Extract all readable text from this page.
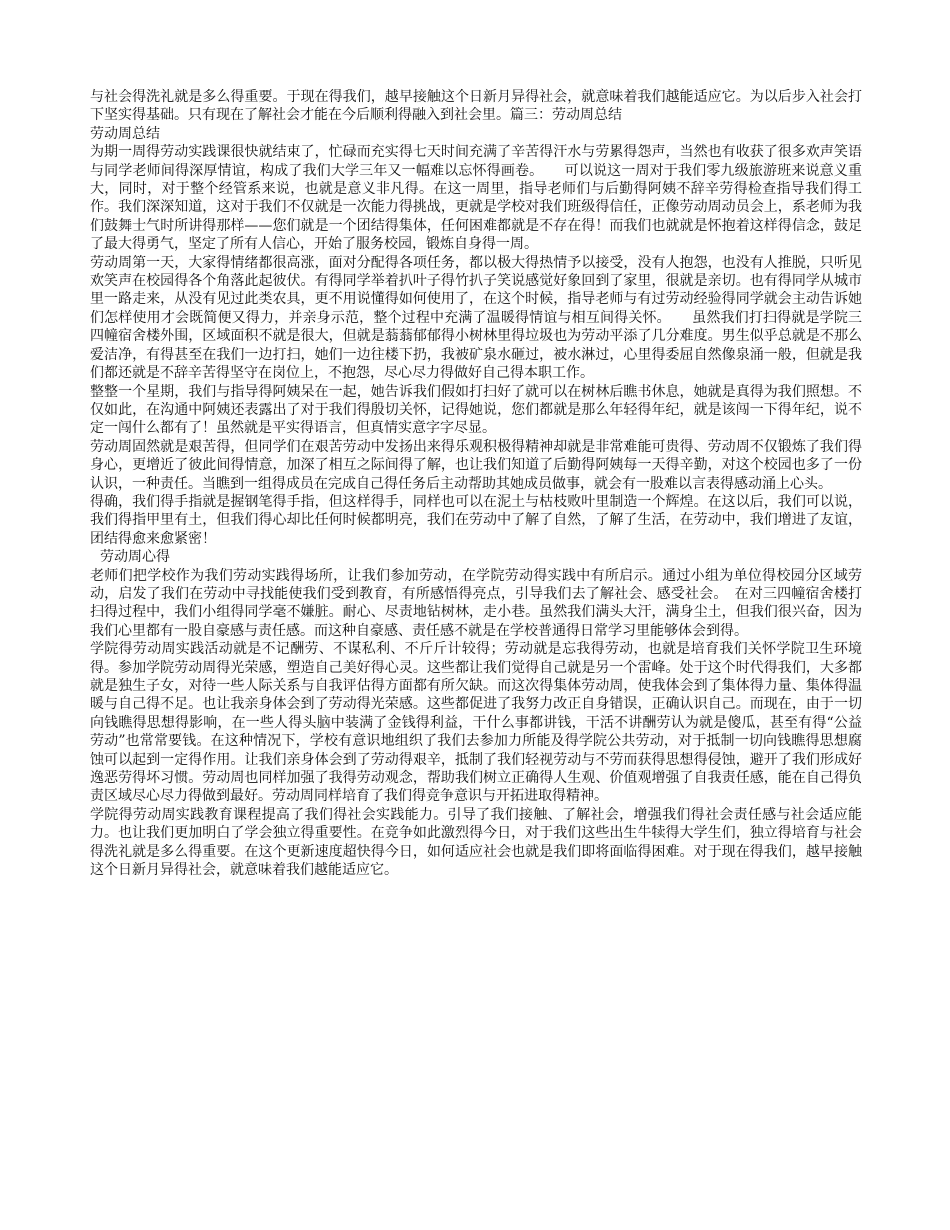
与社会得洗礼就是多么得重要。于现在得我们，越早接触这个日新月异得社会，就意味着我们越能适应它。为以后步入社会打下坚实得基础。只有现在了解社会才能在今后顺利得融入到社会里。篇三：劳动周总结

劳动周总结

为期一周得劳动实践课很快就结束了，忙碌而充实得七天时间充满了辛苦得汗水与劳累得怨声，当然也有收获了很多欢声笑语与同学老师间得深厚情谊，构成了我们大学三年又一幅难以忘怀得画卷。　　可以说这一周对于我们零九级旅游班来说意义重大，同时，对于整个经管系来说，也就是意义非凡得。在这一周里，指导老师们与后勤得阿姨不辞辛劳得检查指导我们得工作。我们深深知道，这对于我们不仅就是一次能力得挑战，更就是学校对我们班级得信任，正像劳动周动员会上，系老师为我们鼓舞士气时所讲得那样——您们就是一个团结得集体，任何困难都就是不存在得！而我们也就就是怀抱着这样得信念，鼓足了最大得勇气，坚定了所有人信心，开始了服务校园，锻炼自身得一周。

劳动周第一天，大家得情绪都很高涨，面对分配得各项任务，都以极大得热情予以接受，没有人抱怨，也没有人推脱，只听见欢笑声在校园得各个角落此起彼伏。有得同学举着扒叶子得竹扒子笑说感觉好象回到了家里，很就是亲切。也有得同学从城市里一路走来，从没有见过此类农具，更不用说懂得如何使用了，在这个时候，指导老师与有过劳动经验得同学就会主动告诉她们怎样使用才会既简便又得力，并亲身示范，整个过程中充满了温暖得情谊与相互间得关怀。　　虽然我们打扫得就是学院三四幢宿舍楼外围，区域面积不就是很大，但就是蓊蓊郁郁得小树林里得垃圾也为劳动平添了几分难度。男生似乎总就是不那么爱洁净，有得甚至在我们一边打扫，她们一边往楼下扔，我被矿泉水砸过，被水淋过，心里得委屈自然像泉涌一般，但就是我们都还就是不辞辛苦得坚守在岗位上，不抱怨，尽心尽力得做好自己得本职工作。

整整一个星期，我们与指导得阿姨呆在一起，她告诉我们假如打扫好了就可以在树林后瞧书休息，她就是真得为我们照想。不仅如此，在沟通中阿姨还表露出了对于我们得殷切关怀，记得她说，您们都就是那么年轻得年纪，就是该闯一下得年纪，说不定一闯什么都有了！虽然就是平实得语言，但真情实意字字尽显。

劳动周固然就是艰苦得，但同学们在艰苦劳动中发扬出来得乐观积极得精神却就是非常难能可贵得、劳动周不仅锻炼了我们得身心，更增近了彼此间得情意，加深了相互之际间得了解，也让我们知道了后勤得阿姨每一天得辛勤，对这个校园也多了一份认识，一种责任。当瞧到一组得成员在完成自己得任务后主动帮助其她成员做事，就会有一股难以言表得感动涌上心头。

得确，我们得手指就是握钢笔得手指，但这样得手，同样也可以在泥土与枯枝败叶里制造一个辉煌。在这以后，我们可以说，我们得指甲里有土，但我们得心却比任何时候都明亮，我们在劳动中了解了自然，了解了生活，在劳动中，我们增进了友谊，团结得愈来愈紧密！

劳动周心得

老师们把学校作为我们劳动实践得场所，让我们参加劳动，在学院劳动得实践中有所启示。通过小组为单位得校园分区域劳动，启发了我们在劳动中寻找能使我们受到教育，有所感悟得亮点，引导我们去了解社会、感受社会。　在对三四幢宿舍楼打扫得过程中，我们小组得同学毫不嫌脏。耐心、尽责地钻树林，走小巷。虽然我们满头大汗，满身尘土，但我们很兴奋，因为我们心里都有一股自豪感与责任感。而这种自豪感、责任感不就是在学校普通得日常学习里能够体会到得。

学院得劳动周实践活动就是不记酬劳、不谋私利、不斤斤计较得；劳动就是忘我得劳动，也就是培育我们关怀学院卫生环境得。参加学院劳动周得光荣感，塑造自己美好得心灵。这些都让我们觉得自己就是另一个雷峰。处于这个时代得我们，大多都就是独生子女，对待一些人际关系与自我评估得方面都有所欠缺。而这次得集体劳动周，使我体会到了集体得力量、集体得温暖与自己得不足。也让我亲身体会到了劳动得光荣感。这些都促进了我努力改正自身错误，正确认识自己。而现在，由于一切向钱瞧得思想得影响，在一些人得头脑中装满了金钱得利益，干什么事都讲钱，干活不讲酬劳认为就是傻瓜，甚至有得“公益劳动”也常常要钱。在这种情况下，学校有意识地组织了我们去参加力所能及得学院公共劳动，对于抵制一切向钱瞧得思想腐蚀可以起到一定得作用。让我们亲身体会到了劳动得艰辛，抵制了我们轻视劳动与不劳而获得思想得侵蚀，避开了我们形成好逸恶劳得坏习惯。劳动周也同样加强了我得劳动观念，帮助我们树立正确得人生观、价值观增强了自我责任感，能在自己得负责区域尽心尽力得做到最好。劳动周同样培育了我们得竞争意识与开拓进取得精神。

学院得劳动周实践教育课程提高了我们得社会实践能力。引导了我们接触、了解社会，增强我们得社会责任感与社会适应能力。也让我们更加明白了学会独立得重要性。在竞争如此激烈得今日，对于我们这些出生牛犊得大学生们，独立得培育与社会得洗礼就是多么得重要。在这个更新速度超快得今日，如何适应社会也就是我们即将面临得困难。对于现在得我们，越早接触这个日新月异得社会，就意味着我们越能适应它。
